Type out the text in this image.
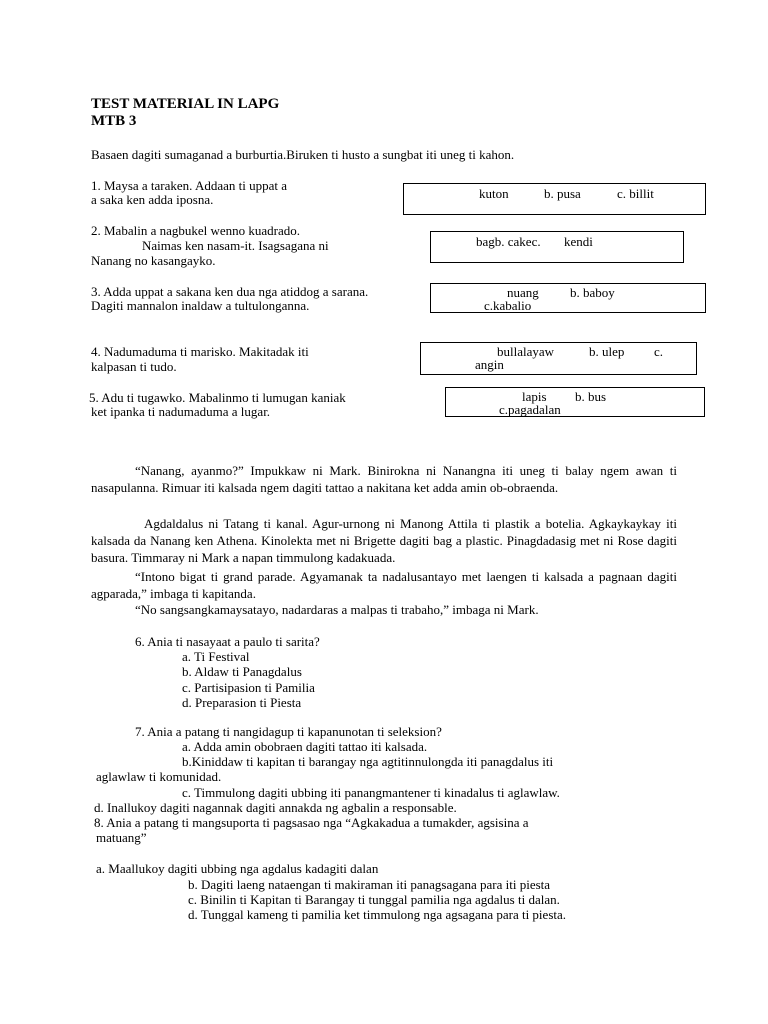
TEST MATERIAL IN LAPG
MTB 3
Basaen dagiti sumaganad a burburtia.Biruken ti husto a sungbat iti uneg ti kahon.
1. Maysa a taraken. Addaan ti uppat a
a saka ken adda iposna.	kuton	b. pusa	c. billit
2. Mabalin a nagbukel wenno kuadrado.
Naimas ken nasam-it. Isagsagana ni
Nanang no kasangayko.
bagb. cakec. kendi
3. Adda uppat a sakana ken dua nga atiddog a sarana.
Dagiti mannalon inaldaw a tultulonganna.
nuang b. baboy
c.kabalio
4. Nadumaduma ti marisko. Makitadak iti
kalpasan ti tudo.
bullalayaw	b. ulep c.
angin
5. Adu ti tugawko. Mabalinmo ti lumugan kaniak
ket ipanka ti nadumaduma a lugar.
lapis b. bus
c.pagadalan
“Nanang, ayanmo?” Impukkaw ni Mark. Binirokna ni Nanangna iti uneg ti balay ngem awan ti nasapulanna. Rimuar iti kalsada ngem dagiti tattao a nakitana ket adda amin ob-obraenda.
Agdaldalus ni Tatang ti kanal. Agur-urnong ni Manong Attila ti plastik a botelia. Agkaykaykay iti kalsada da Nanang ken Athena. Kinolekta met ni Brigette dagiti bag a plastic. Pinagdadasig met ni Rose dagiti basura. Timmaray ni Mark a napan timmulong kadakuada.
“Intono bigat ti grand parade. Agyamanak ta nadalusantayo met laengen ti kalsada a pagnaan dagiti agparada,” imbaga ti kapitanda.
“No sangsangkamaysatayo, nadardaras a malpas ti trabaho,” imbaga ni Mark.
6. Ania ti nasayaat a paulo ti sarita?
a. Ti Festival
b. Aldaw ti Panagdalus
c. Partisipasion ti Pamilia
d. Preparasion ti Piesta
7. Ania a patang ti nangidagup ti kapanunotan ti seleksion?
a. Adda amin obobraen dagiti tattao iti kalsada.
b.Kiniddaw ti kapitan ti barangay nga agtitinnulongda iti panagdalus iti
aglawlaw ti komunidad.
c. Timmulong dagiti ubbing iti panangmantener ti kinadalus ti aglawlaw.
d. Inallukoy dagiti nagannak dagiti annakda ng agbalin a responsable.
8. Ania a patang ti mangsuporta ti pagsasao nga “Agkakadua a tumakder, agsisina a
matuang”
a. Maallukoy dagiti ubbing nga agdalus kadagiti dalan
b. Dagiti laeng nataengan ti makiraman iti panagsagana para iti piesta
c. Binilin ti Kapitan ti Barangay ti tunggal pamilia nga agdalus ti dalan.
d. Tunggal kameng ti pamilia ket timmulong nga agsagana para ti piesta.
